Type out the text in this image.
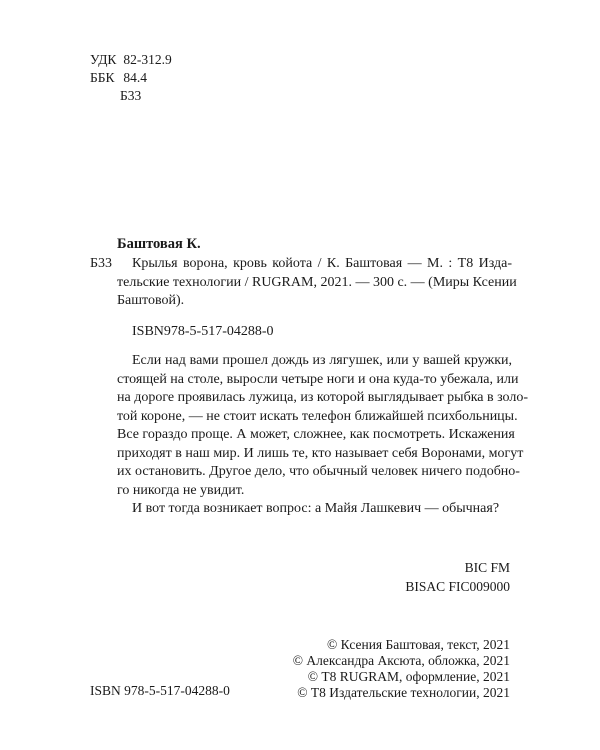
УДК 82-312.9
ББК 84.4
Б33
Баштовая К.
Б33	Крылья ворона, кровь койота / К. Баштовая — М. : Т8 Изда-
тельские технологии / RUGRAM, 2021. — 300 с. — (Миры Ксении
Баштовой).
ISBN978-5-517-04288-0
Если над вами прошел дождь из лягушек, или у вашей кружки,
стоящей на столе, выросли четыре ноги и она куда-то убежала, или
на дороге проявилась лужица, из которой выглядывает рыбка в золо-
той короне, — не стоит искать телефон ближайшей психбольницы.
Все гораздо проще. А может, сложнее, как посмотреть. Искажения
приходят в наш мир. И лишь те, кто называет себя Воронами, могут
их остановить. Другое дело, что обычный человек ничего подобно-
го никогда не увидит.
И вот тогда возникает вопрос: а Майя Лашкевич — обычная?
BIC FM
BISAC FIC009000
ISBN 978-5-517-04288-0
© Ксения Баштовая, текст, 2021
© Александра Аксюта, обложка, 2021
© Т8 RUGRAM, оформление, 2021
© Т8 Издательские технологии, 2021
